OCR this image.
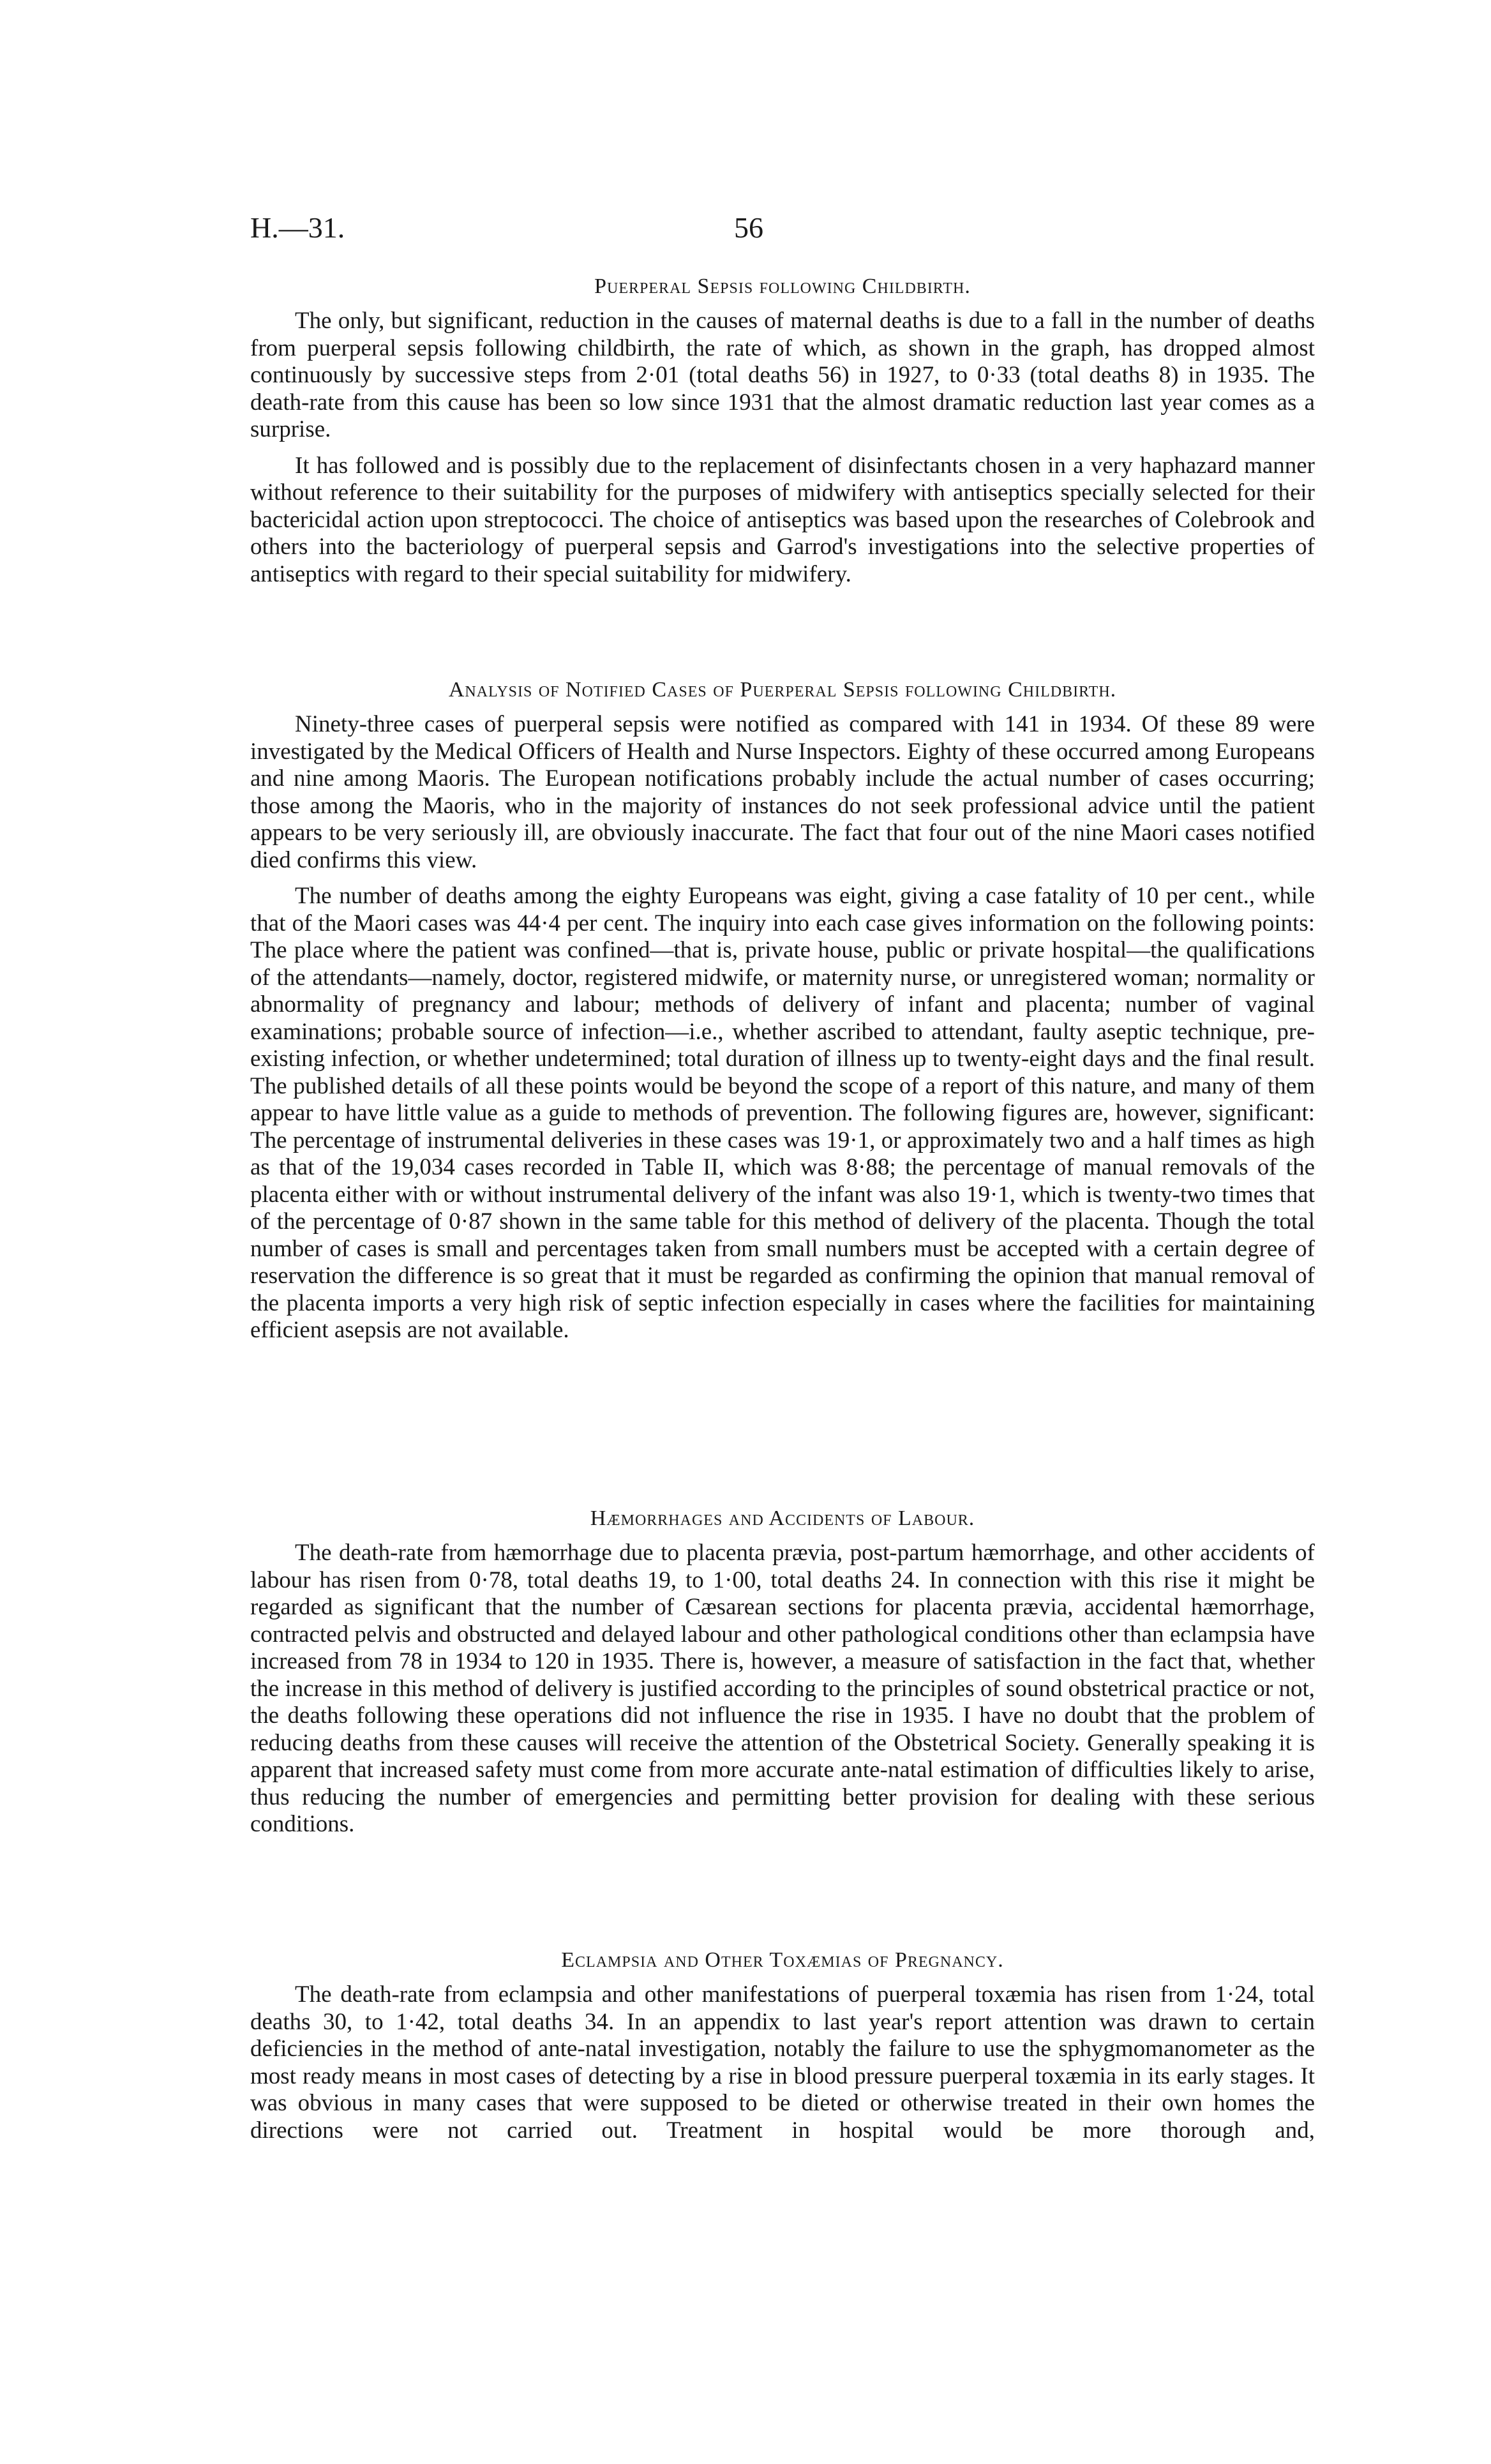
H.—31.	56
Puerperal Sepsis following Childbirth.

The only, but significant, reduction in the causes of maternal deaths is due to a fall in the number of deaths from puerperal sepsis following childbirth, the rate of which, as shown in the graph, has dropped almost continuously by successive steps from 2·01 (total deaths 56) in 1927, to 0·33 (total deaths 8) in 1935. The death-rate from this cause has been so low since 1931 that the almost dramatic reduction last year comes as a surprise.

It has followed and is possibly due to the replacement of disinfectants chosen in a very haphazard manner without reference to their suitability for the purposes of midwifery with antiseptics specially selected for their bactericidal action upon streptococci. The choice of antiseptics was based upon the researches of Colebrook and others into the bacteriology of puerperal sepsis and Garrod's investigations into the selective properties of antiseptics with regard to their special suitability for midwifery.

Analysis of Notified Cases of Puerperal Sepsis following Childbirth.

Ninety-three cases of puerperal sepsis were notified as compared with 141 in 1934. Of these 89 were investigated by the Medical Officers of Health and Nurse Inspectors. Eighty of these occurred among Europeans and nine among Maoris. The European notifications probably include the actual number of cases occurring; those among the Maoris, who in the majority of instances do not seek professional advice until the patient appears to be very seriously ill, are obviously inaccurate. The fact that four out of the nine Maori cases notified died confirms this view.

The number of deaths among the eighty Europeans was eight, giving a case fatality of 10 per cent., while that of the Maori cases was 44·4 per cent. The inquiry into each case gives information on the following points: The place where the patient was confined—that is, private house, public or private hospital—the qualifications of the attendants—namely, doctor, registered midwife, or maternity nurse, or unregistered woman; normality or abnormality of pregnancy and labour; methods of delivery of infant and placenta; number of vaginal examinations; probable source of infection—i.e., whether ascribed to attendant, faulty aseptic technique, pre-existing infection, or whether undetermined; total duration of illness up to twenty-eight days and the final result. The published details of all these points would be beyond the scope of a report of this nature, and many of them appear to have little value as a guide to methods of prevention. The following figures are, however, significant: The percentage of instrumental deliveries in these cases was 19·1, or approximately two and a half times as high as that of the 19,034 cases recorded in Table II, which was 8·88; the percentage of manual removals of the placenta either with or without instrumental delivery of the infant was also 19·1, which is twenty-two times that of the percentage of 0·87 shown in the same table for this method of delivery of the placenta. Though the total number of cases is small and percentages taken from small numbers must be accepted with a certain degree of reservation the difference is so great that it must be regarded as confirming the opinion that manual removal of the placenta imports a very high risk of septic infection especially in cases where the facilities for maintaining efficient asepsis are not available.

Hæmorrhages and Accidents of Labour.

The death-rate from hæmorrhage due to placenta prævia, post-partum hæmorrhage, and other accidents of labour has risen from 0·78, total deaths 19, to 1·00, total deaths 24. In connection with this rise it might be regarded as significant that the number of Cæsarean sections for placenta prævia, accidental hæmorrhage, contracted pelvis and obstructed and delayed labour and other pathological conditions other than eclampsia have increased from 78 in 1934 to 120 in 1935. There is, however, a measure of satisfaction in the fact that, whether the increase in this method of delivery is justified according to the principles of sound obstetrical practice or not, the deaths following these operations did not influence the rise in 1935. I have no doubt that the problem of reducing deaths from these causes will receive the attention of the Obstetrical Society. Generally speaking it is apparent that increased safety must come from more accurate ante-natal estimation of difficulties likely to arise, thus reducing the number of emergencies and permitting better provision for dealing with these serious conditions.

Eclampsia and Other Toxæmias of Pregnancy.

The death-rate from eclampsia and other manifestations of puerperal toxæmia has risen from 1·24, total deaths 30, to 1·42, total deaths 34. In an appendix to last year's report attention was drawn to certain deficiencies in the method of ante-natal investigation, notably the failure to use the sphygmomanometer as the most ready means in most cases of detecting by a rise in blood pressure puerperal toxæmia in its early stages. It was obvious in many cases that were supposed to be dieted or otherwise treated in their own homes the directions were not carried out. Treatment in hospital would be more thorough and,
